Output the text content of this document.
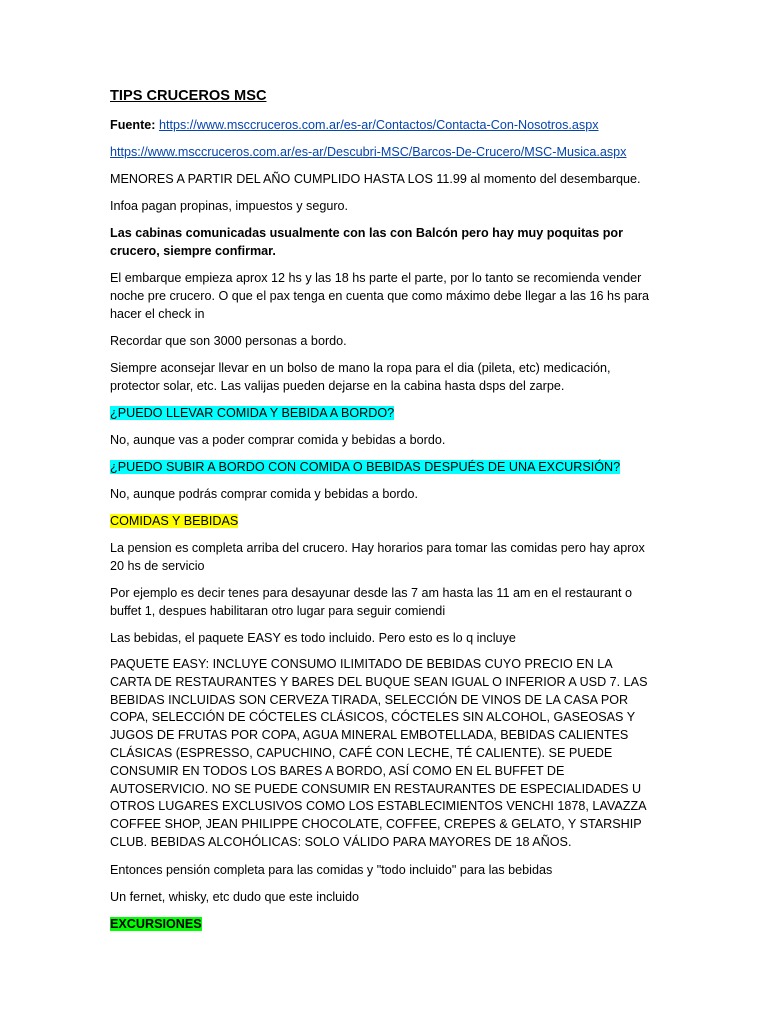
TIPS CRUCEROS MSC

Fuente: https://www.msccruceros.com.ar/es-ar/Contactos/Contacta-Con-Nosotros.aspx

https://www.msccruceros.com.ar/es-ar/Descubri-MSC/Barcos-De-Crucero/MSC-Musica.aspx

MENORES A PARTIR DEL AÑO CUMPLIDO HASTA LOS 11.99 al momento del desembarque.

Infoa pagan propinas, impuestos y seguro.

Las cabinas comunicadas usualmente con las con Balcón pero hay muy poquitas por crucero, siempre confirmar.

El embarque empieza aprox 12 hs y las 18 hs parte el parte, por lo tanto se recomienda vender noche pre crucero. O que el pax tenga en cuenta que como máximo debe llegar a las 16 hs para hacer el check in

Recordar que son 3000 personas a bordo.

Siempre aconsejar llevar en un bolso de mano la ropa para el dia (pileta, etc) medicación, protector solar, etc. Las valijas pueden dejarse en la cabina hasta dsps del zarpe.

¿PUEDO LLEVAR COMIDA Y BEBIDA A BORDO?

No, aunque vas a poder comprar comida y bebidas a bordo.

¿PUEDO SUBIR A BORDO CON COMIDA O BEBIDAS DESPUÉS DE UNA EXCURSIÓN?

No, aunque podrás comprar comida y bebidas a bordo.

COMIDAS Y BEBIDAS

La pension es completa arriba del crucero. Hay horarios para tomar las comidas pero hay aprox 20 hs de servicio

Por ejemplo es decir tenes para desayunar desde las 7 am hasta las 11 am en el restaurant o buffet 1, despues habilitaran otro lugar para seguir comiendi

Las bebidas, el paquete EASY es todo incluido. Pero esto es lo q incluye

PAQUETE EASY: INCLUYE CONSUMO ILIMITADO DE BEBIDAS CUYO PRECIO EN LA CARTA DE RESTAURANTES Y BARES DEL BUQUE SEAN IGUAL O INFERIOR A USD 7. LAS BEBIDAS INCLUIDAS SON CERVEZA TIRADA, SELECCIÓN DE VINOS DE LA CASA POR COPA, SELECCIÓN DE CÓCTELES CLÁSICOS, CÓCTELES SIN ALCOHOL, GASEOSAS Y JUGOS DE FRUTAS POR COPA, AGUA MINERAL EMBOTELLADA, BEBIDAS CALIENTES CLÁSICAS (ESPRESSO, CAPUCHINO, CAFÉ CON LECHE, TÉ CALIENTE). SE PUEDE CONSUMIR EN TODOS LOS BARES A BORDO, ASÍ COMO EN EL BUFFET DE AUTOSERVICIO. NO SE PUEDE CONSUMIR EN RESTAURANTES DE ESPECIALIDADES U OTROS LUGARES EXCLUSIVOS COMO LOS ESTABLECIMIENTOS VENCHI 1878, LAVAZZA COFFEE SHOP, JEAN PHILIPPE CHOCOLATE, COFFEE, CREPES & GELATO, Y STARSHIP CLUB. BEBIDAS ALCOHÓLICAS: SOLO VÁLIDO PARA MAYORES DE 18 AÑOS.

Entonces pensión completa para las comidas y "todo incluido" para las bebidas

Un fernet, whisky, etc dudo que este incluido

EXCURSIONES
